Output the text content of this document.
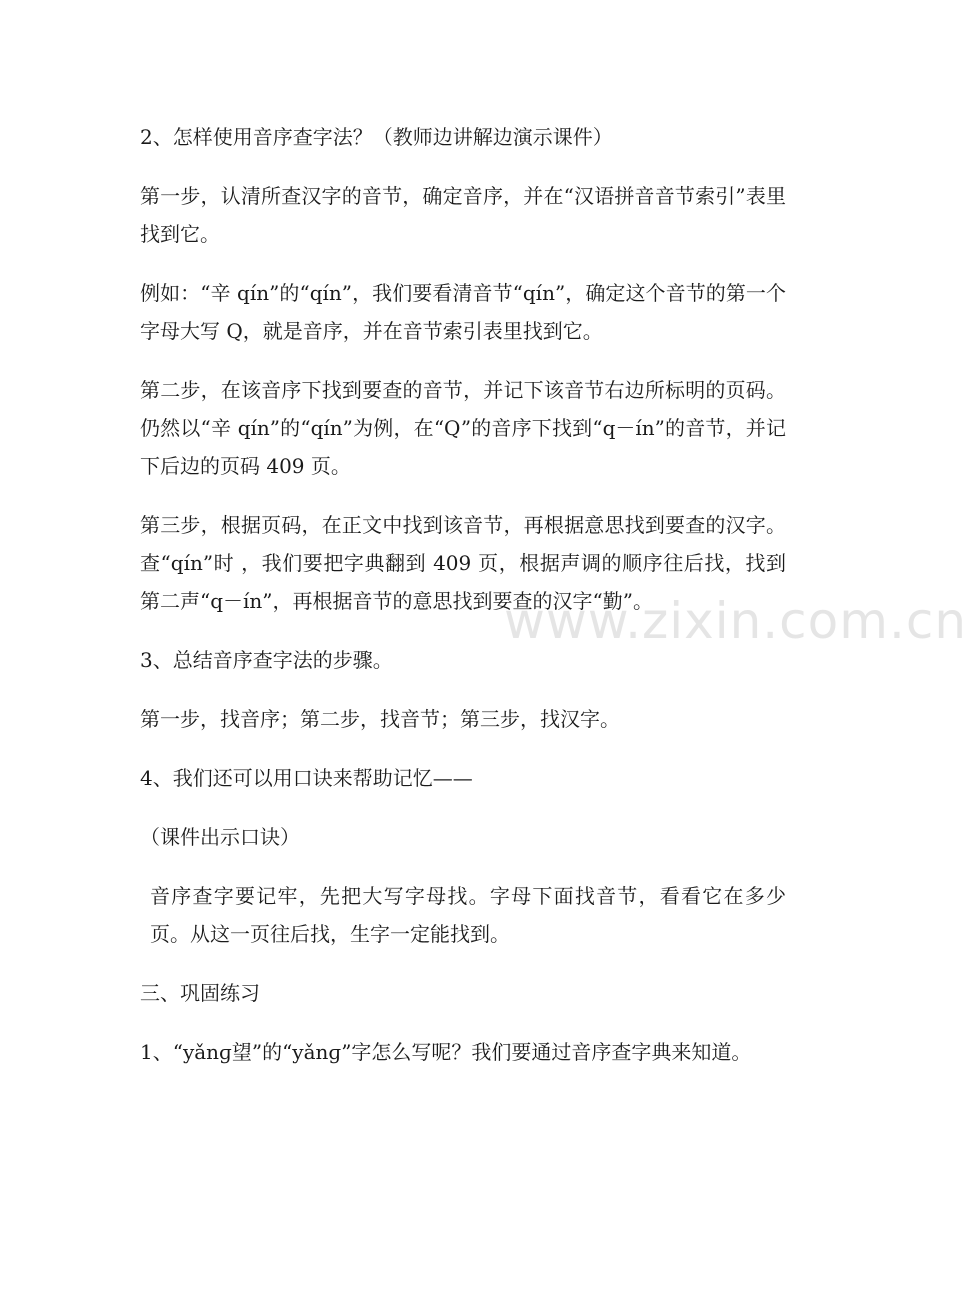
2、怎样使用音序查字法？（教师边讲解边演示课件）

第一步，认清所查汉字的音节，确定音序，并在“汉语拼音音节索引”表里找到它。

例如：“辛 qín”的“qín”，我们要看清音节“qín”，确定这个音节的第一个字母大写 Q，就是音序，并在音节索引表里找到它。

第二步，在该音序下找到要查的音节，并记下该音节右边所标明的页码。仍然以“辛 qín”的“qín”为例，在“Q”的音序下找到“q－ín”的音节，并记下后边的页码 409 页。

第三步，根据页码，在正文中找到该音节，再根据意思找到要查的汉字。查“qín”时 ，我们要把字典翻到 409 页，根据声调的顺序往后找，找到第二声“q－ín”，再根据音节的意思找到要查的汉字“勤”。

3、总结音序查字法的步骤。

第一步，找音序；第二步，找音节；第三步，找汉字。

4、我们还可以用口诀来帮助记忆——

（课件出示口诀）

音序查字要记牢，先把大写字母找。字母下面找音节，看看它在多少页。从这一页往后找，生字一定能找到。

三、巩固练习

1、“yǎnɡ望”的“yǎnɡ”字怎么写呢？我们要通过音序查字典来知道。

www.zixin.com.cn
